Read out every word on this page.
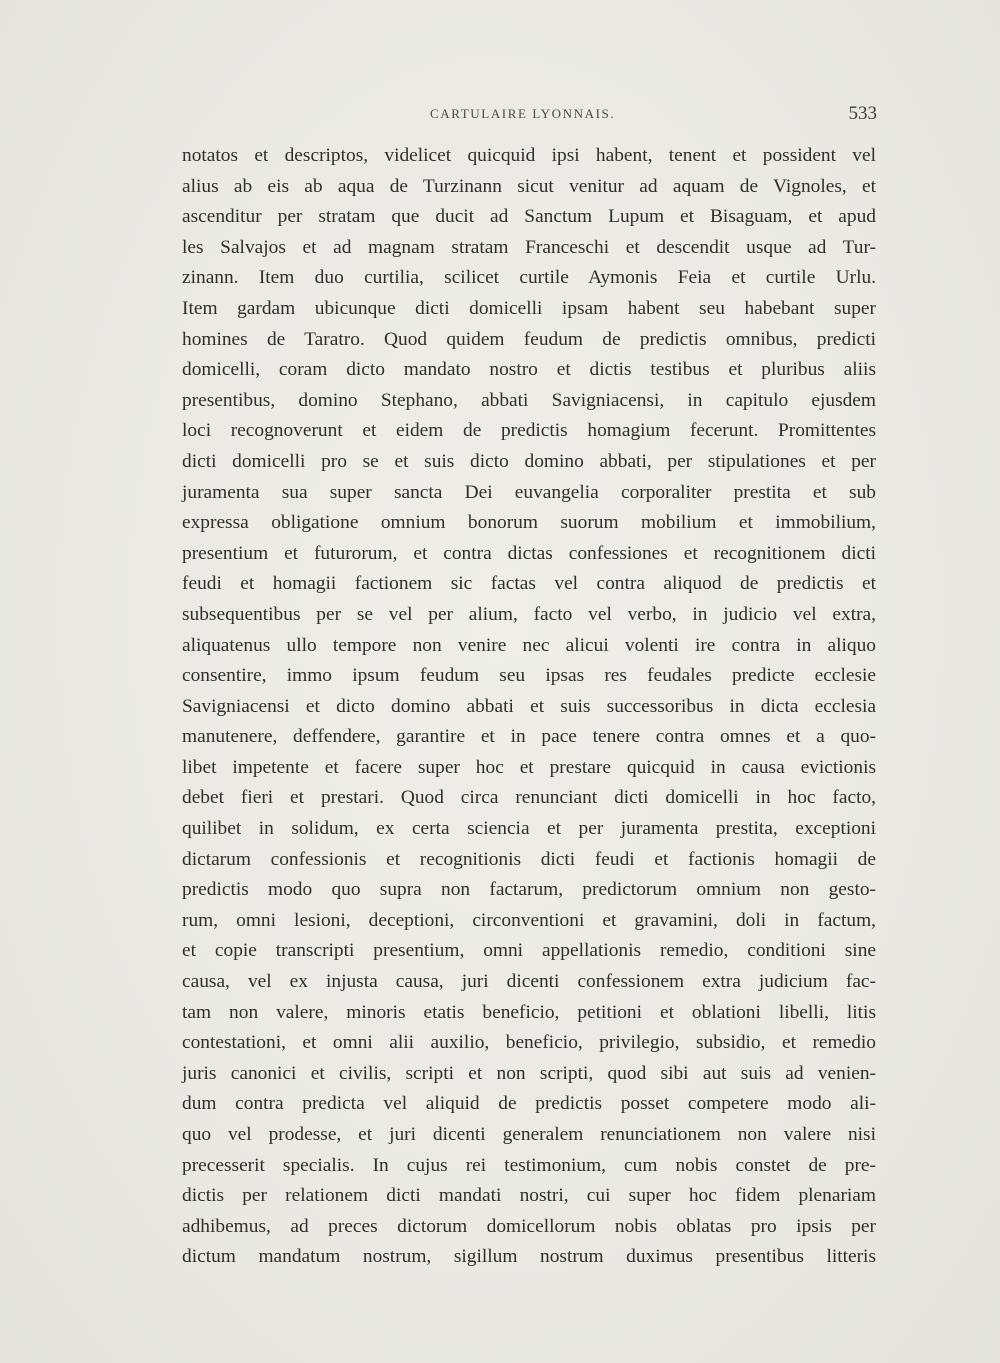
CARTULAIRE LYONNAIS.	533
notatos et descriptos, videlicet quicquid ipsi habent, tenent et possident vel
alius ab eis ab aqua de Turzinann sicut venitur ad aquam de Vignoles, et
ascenditur per stratam que ducit ad Sanctum Lupum et Bisaguam, et apud
les Salvajos et ad magnam stratam Franceschi et descendit usque ad Tur-
zinann. Item duo curtilia, scilicet curtile Aymonis Feia et curtile Urlu.
Item gardam ubicunque dicti domicelli ipsam habent seu habebant super
homines de Taratro. Quod quidem feudum de predictis omnibus, predicti
domicelli, coram dicto mandato nostro et dictis testibus et pluribus aliis
presentibus, domino Stephano, abbati Savigniacensi, in capitulo ejusdem
loci recognoverunt et eidem de predictis homagium fecerunt. Promittentes
dicti domicelli pro se et suis dicto domino abbati, per stipulationes et per
juramenta sua super sancta Dei euvangelia corporaliter prestita et sub
expressa obligatione omnium bonorum suorum mobilium et immobilium,
presentium et futurorum, et contra dictas confessiones et recognitionem dicti
feudi et homagii factionem sic factas vel contra aliquod de predictis et
subsequentibus per se vel per alium, facto vel verbo, in judicio vel extra,
aliquatenus ullo tempore non venire nec alicui volenti ire contra in aliquo
consentire, immo ipsum feudum seu ipsas res feudales predicte ecclesie
Savigniacensi et dicto domino abbati et suis successoribus in dicta ecclesia
manutenere, deffendere, garantire et in pace tenere contra omnes et a quo-
libet impetente et facere super hoc et prestare quicquid in causa evictionis
debet fieri et prestari. Quod circa renunciant dicti domicelli in hoc facto,
quilibet in solidum, ex certa sciencia et per juramenta prestita, exceptioni
dictarum confessionis et recognitionis dicti feudi et factionis homagii de
predictis modo quo supra non factarum, predictorum omnium non gesto-
rum, omni lesioni, deceptioni, circonventioni et gravamini, doli in factum,
et copie transcripti presentium, omni appellationis remedio, conditioni sine
causa, vel ex injusta causa, juri dicenti confessionem extra judicium fac-
tam non valere, minoris etatis beneficio, petitioni et oblationi libelli, litis
contestationi, et omni alii auxilio, beneficio, privilegio, subsidio, et remedio
juris canonici et civilis, scripti et non scripti, quod sibi aut suis ad venien-
dum contra predicta vel aliquid de predictis posset competere modo ali-
quo vel prodesse, et juri dicenti generalem renunciationem non valere nisi
precesserit specialis. In cujus rei testimonium, cum nobis constet de pre-
dictis per relationem dicti mandati nostri, cui super hoc fidem plenariam
adhibemus, ad preces dictorum domicellorum nobis oblatas pro ipsis per
dictum mandatum nostrum, sigillum nostrum duximus presentibus litteris
